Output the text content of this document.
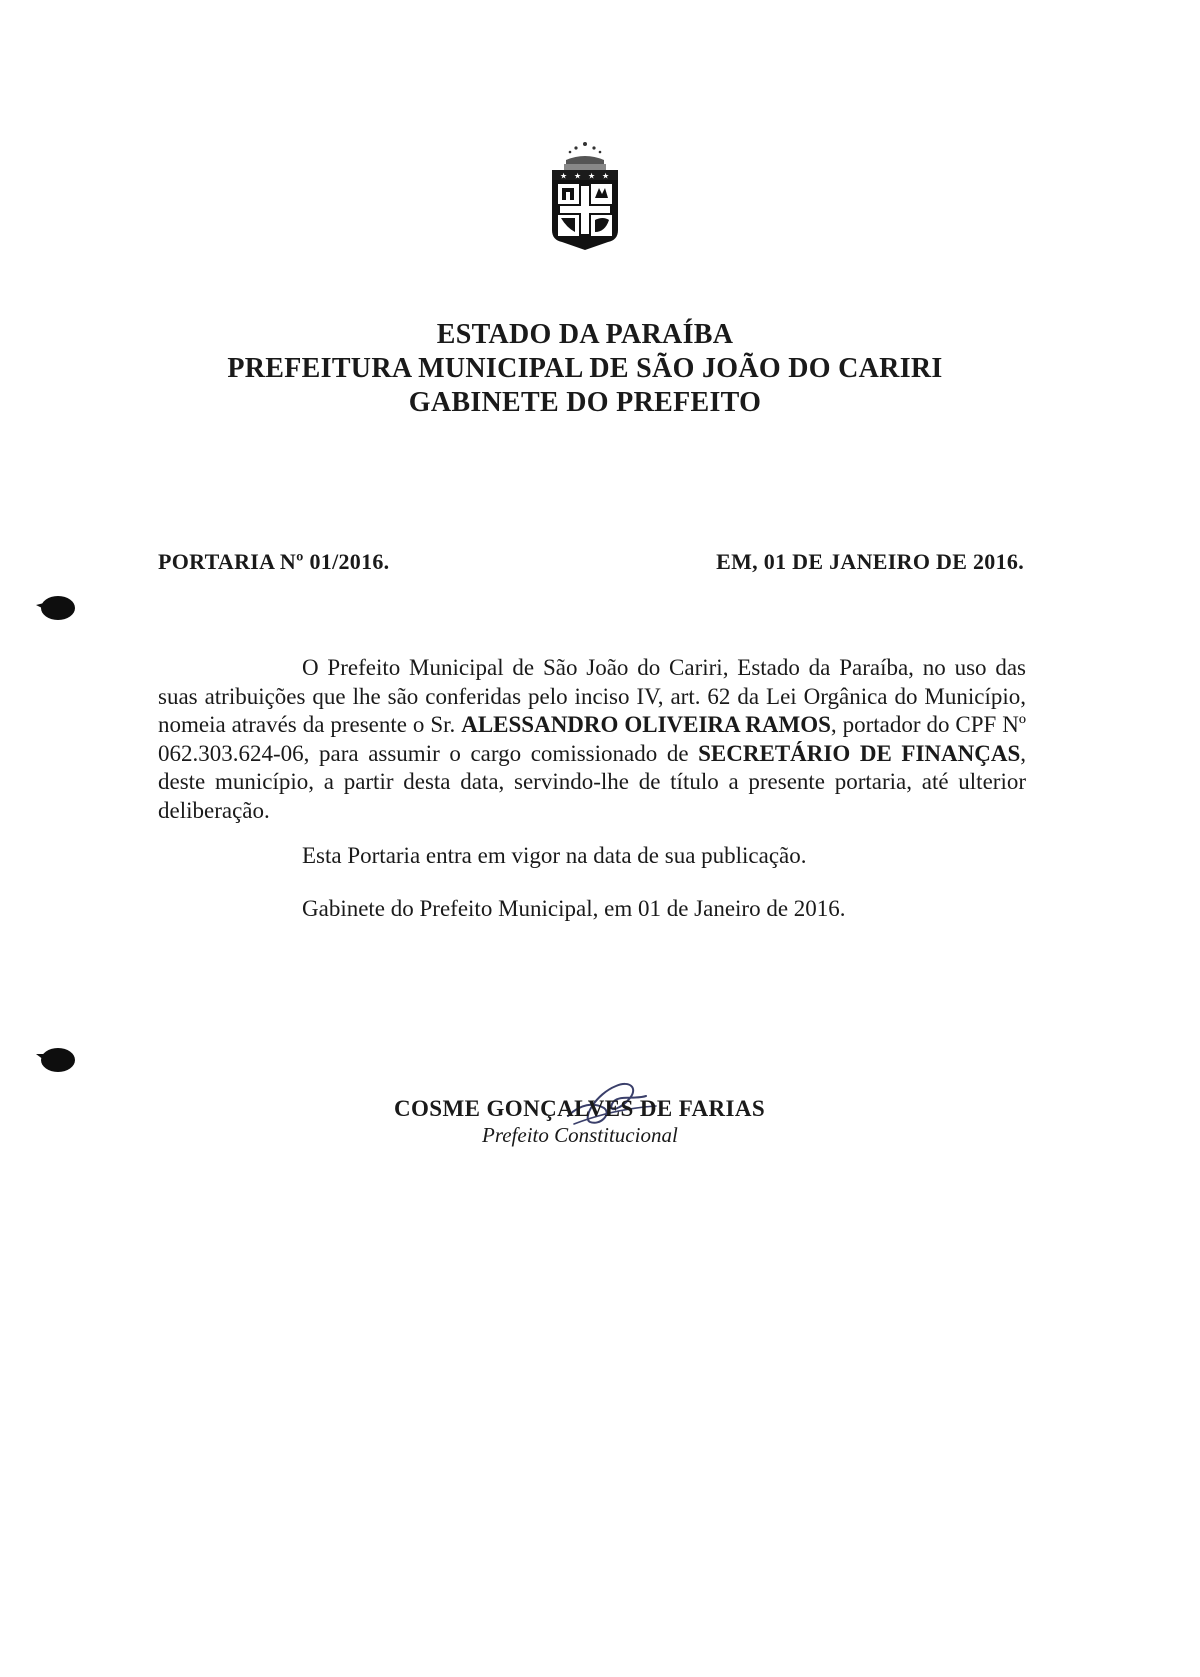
★ ★ ★ ★
ESTADO DA PARAÍBA
PREFEITURA MUNICIPAL DE SÃO JOÃO DO CARIRI
GABINETE DO PREFEITO
PORTARIA Nº 01/2016.	EM, 01 DE JANEIRO DE 2016.

O Prefeito Municipal de São João do Cariri, Estado da Paraíba, no uso das suas atribuições que lhe são conferidas pelo inciso IV, art. 62 da Lei Orgânica do Município, nomeia através da presente o Sr. ALESSANDRO OLIVEIRA RAMOS, portador do CPF Nº 062.303.624-06, para assumir o cargo comissionado de SECRETÁRIO DE FINANÇAS, deste município, a partir desta data, servindo-lhe de título a presente portaria, até ulterior deliberação.

Esta Portaria entra em vigor na data de sua publicação.

Gabinete do Prefeito Municipal, em 01 de Janeiro de 2016.

COSME GONÇALVES DE FARIAS
Prefeito Constitucional
